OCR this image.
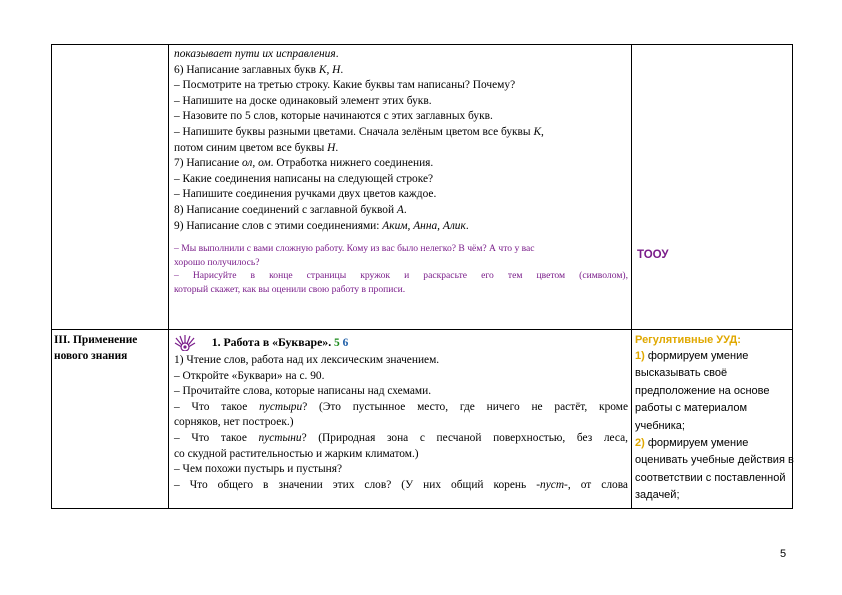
показывает пути их исправления.
6) Написание заглавных букв К, Н.
– Посмотрите на третью строку. Какие буквы там написаны? Почему?
– Напишите на доске одинаковый элемент этих букв.
– Назовите по 5 слов, которые начинаются с этих заглавных букв.
– Напишите буквы разными цветами. Сначала зелёным цветом все буквы К,
потом синим цветом все буквы Н.
7) Написание ол, ом. Отработка нижнего соединения.
– Какие соединения написаны на следующей строке?
– Напишите соединения ручками двух цветов каждое.
8) Написание соединений с заглавной буквой А.
9) Написание слов с этими соединениями: Аким, Анна, Алик.
– Мы выполнили с вами сложную работу. Кому из вас было нелегко? В чём? А что у вас
хорошо получилось?
– Нарисуйте в конце страницы кружок и раскрасьте его тем цветом (символом),
который скажет, как вы оценили свою работу в прописи.
ТООУ
III. Применение
нового знания
1. Работа в «Букваре». 5 6
1) Чтение слов, работа над их лексическим значением.
– Откройте «Буквари» на с. 90.
– Прочитайте слова, которые написаны над схемами.
– Что такое пустыри? (Это пустынное место, где ничего не растёт, кроме
сорняков, нет построек.)
– Что такое пустыни? (Природная зона с песчаной поверхностью, без леса,
со скудной растительностью и жарким климатом.)
– Чем похожи пустырь и пустыня?
– Что общего в значении этих слов? (У них общий корень -пуст-, от слова
Регулятивные УУД:
1) формируем умение
высказывать своё
предположение на основе
работы с материалом
учебника;
2) формируем умение
оценивать учебные действия в
соответствии с поставленной
задачей;
5
